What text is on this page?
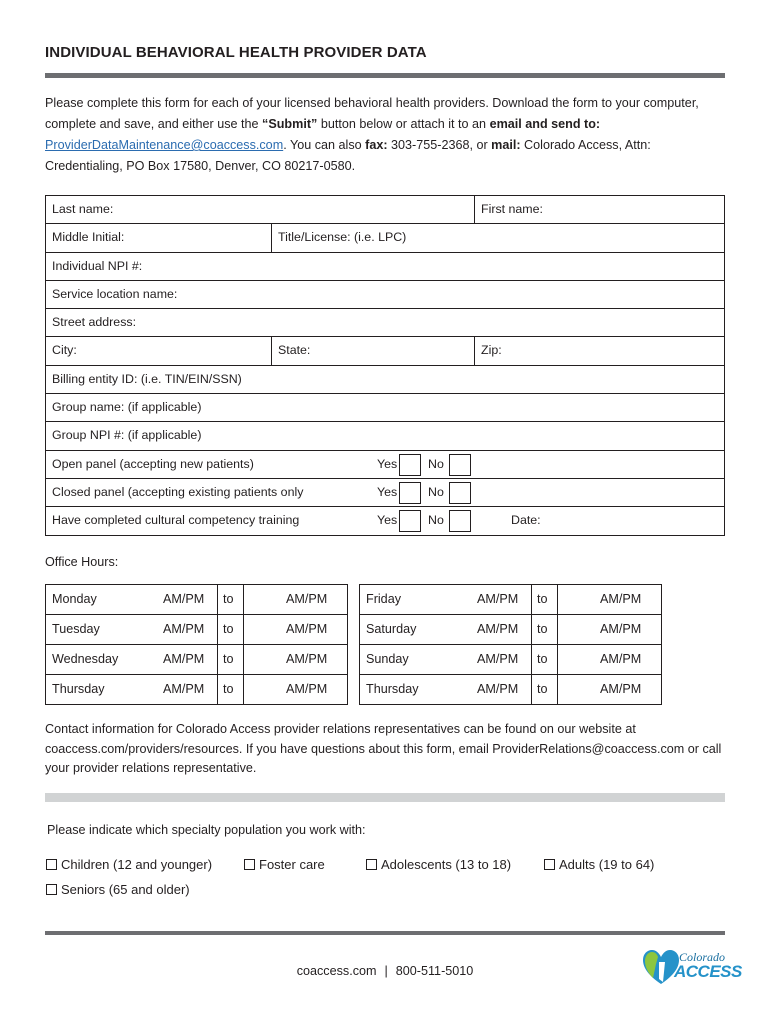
INDIVIDUAL BEHAVIORAL HEALTH PROVIDER DATA
Please complete this form for each of your licensed behavioral health providers. Download the form to your computer, complete and save, and either use the “Submit” button below or attach it to an email and send to: ProviderDataMaintenance@coaccess.com. You can also fax: 303-755-2368, or mail: Colorado Access, Attn: Credentialing, PO Box 17580, Denver, CO 80217-0580.
Last name:	First name:
Middle Initial:	Title/License: (i.e. LPC)
Individual NPI #:
Service location name:
Street address:
City:	State:	Zip:
Billing entity ID: (i.e. TIN/EIN/SSN)
Group name: (if applicable)
Group NPI #: (if applicable)
Open panel (accepting new patients)	Yes No
Closed panel (accepting existing patients only	Yes No
Have completed cultural competency training	Yes No	Date:
Office Hours:
Monday	AM/PM to	AM/PM
Tuesday	AM/PM to	AM/PM
Wednesday	AM/PM to	AM/PM
Thursday	AM/PM to	AM/PM
Friday	AM/PM to	AM/PM
Saturday	AM/PM to	AM/PM
Sunday	AM/PM to	AM/PM
Thursday	AM/PM to	AM/PM
Contact information for Colorado Access provider relations representatives can be found on our website at coaccess.com/providers/resources. If you have questions about this form, email ProviderRelations@coaccess.com or call your provider relations representative.
Please indicate which specialty population you work with:
Children (12 and younger)	Foster care	Adolescents (13 to 18)	Adults (19 to 64)
Seniors (65 and older)
coaccess.com | 800-511-5010
Colorado
ACCESS
